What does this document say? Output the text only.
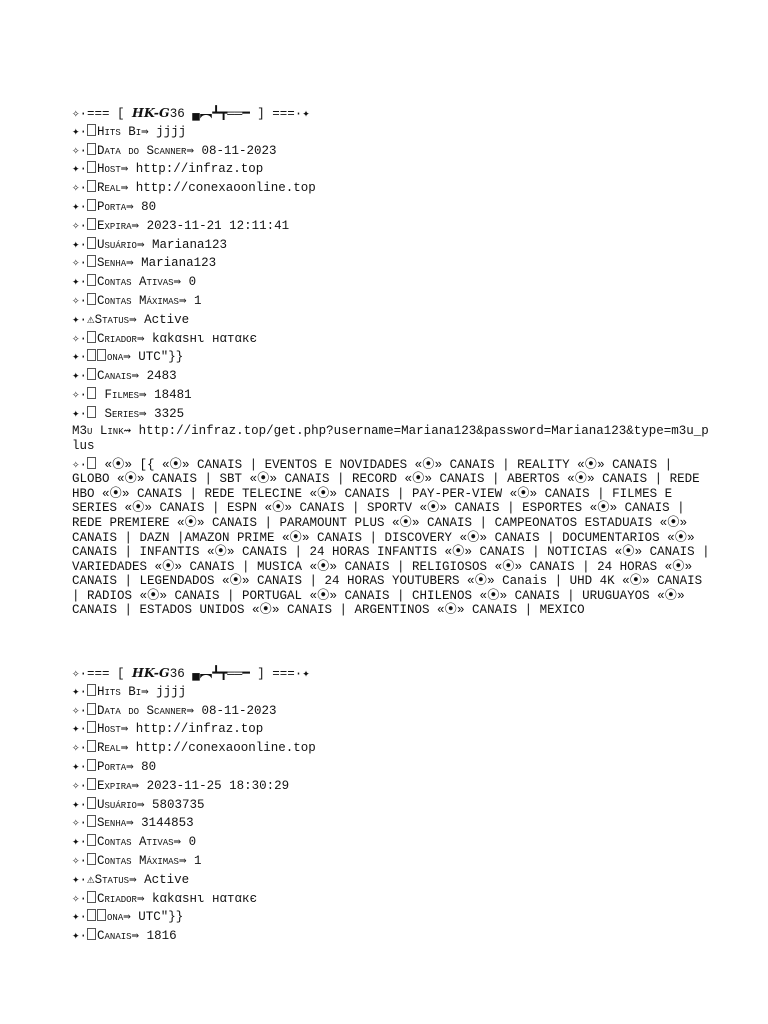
✧·=== [ HK-G36 ▄︻┻┳══━ ] ===·✦
✦· Hits Bi⇛ jjjj
✧· Data do Scanner⇛ 08-11-2023
✦· Host⇛ http://infraz.top
✧· Real⇛ http://conexaoonline.top
✦· Porta⇛ 80
✧· Expira⇛ 2023-11-21 12:11:41
✦· Usuário⇛ Mariana123
✧· Senha⇛ Mariana123
✦· Contas Ativas⇛ 0
✧· Contas Máximas⇛ 1
✦·⚠Status⇛ Active
✧· Criador⇛ kαkαѕнι нαтαкє
✦· ona⇛ UTC"}}
✦· Canais⇛ 2483
✧· Filmes⇛ 18481
✦· Series⇛ 3325
M3u Link⇝ http://infraz.top/get.php?username=Mariana123&password=Mariana123&type=m3u_plus
✧· «⦿» [{ «⦿» CANAIS | EVENTOS E NOVIDADES «⦿» CANAIS | REALITY «⦿» CANAIS | GLOBO «⦿» CANAIS | SBT «⦿» CANAIS | RECORD «⦿» CANAIS | ABERTOS «⦿» CANAIS | REDE HBO «⦿» CANAIS | REDE TELECINE «⦿» CANAIS | PAY-PER-VIEW «⦿» CANAIS | FILMES E SERIES «⦿» CANAIS | ESPN «⦿» CANAIS | SPORTV «⦿» CANAIS | ESPORTES «⦿» CANAIS | REDE PREMIERE «⦿» CANAIS | PARAMOUNT PLUS «⦿» CANAIS | CAMPEONATOS ESTADUAIS «⦿» CANAIS | DAZN |AMAZON PRIME «⦿» CANAIS | DISCOVERY «⦿» CANAIS | DOCUMENTARIOS «⦿» CANAIS | INFANTIS «⦿» CANAIS | 24 HORAS INFANTIS «⦿» CANAIS | NOTICIAS «⦿» CANAIS | VARIEDADES «⦿» CANAIS | MUSICA «⦿» CANAIS | RELIGIOSOS «⦿» CANAIS | 24 HORAS «⦿» CANAIS | LEGENDADOS «⦿» CANAIS | 24 HORAS YOUTUBERS «⦿» Canais | UHD 4K «⦿» CANAIS | RADIOS «⦿» CANAIS | PORTUGAL «⦿» CANAIS | CHILENOS «⦿» CANAIS | URUGUAYOS «⦿» CANAIS | ESTADOS UNIDOS «⦿» CANAIS | ARGENTINOS «⦿» CANAIS | MEXICO
✧·=== [ HK-G36 ▄︻┻┳══━ ] ===·✦
✦· Hits Bi⇛ jjjj
✧· Data do Scanner⇛ 08-11-2023
✦· Host⇛ http://infraz.top
✧· Real⇛ http://conexaoonline.top
✦· Porta⇛ 80
✧· Expira⇛ 2023-11-25 18:30:29
✦· Usuário⇛ 5803735
✧· Senha⇛ 3144853
✦· Contas Ativas⇛ 0
✧· Contas Máximas⇛ 1
✦·⚠Status⇛ Active
✧· Criador⇛ kαkαѕнι нαтαкє
✦· ona⇛ UTC"}}
✦· Canais⇛ 1816
